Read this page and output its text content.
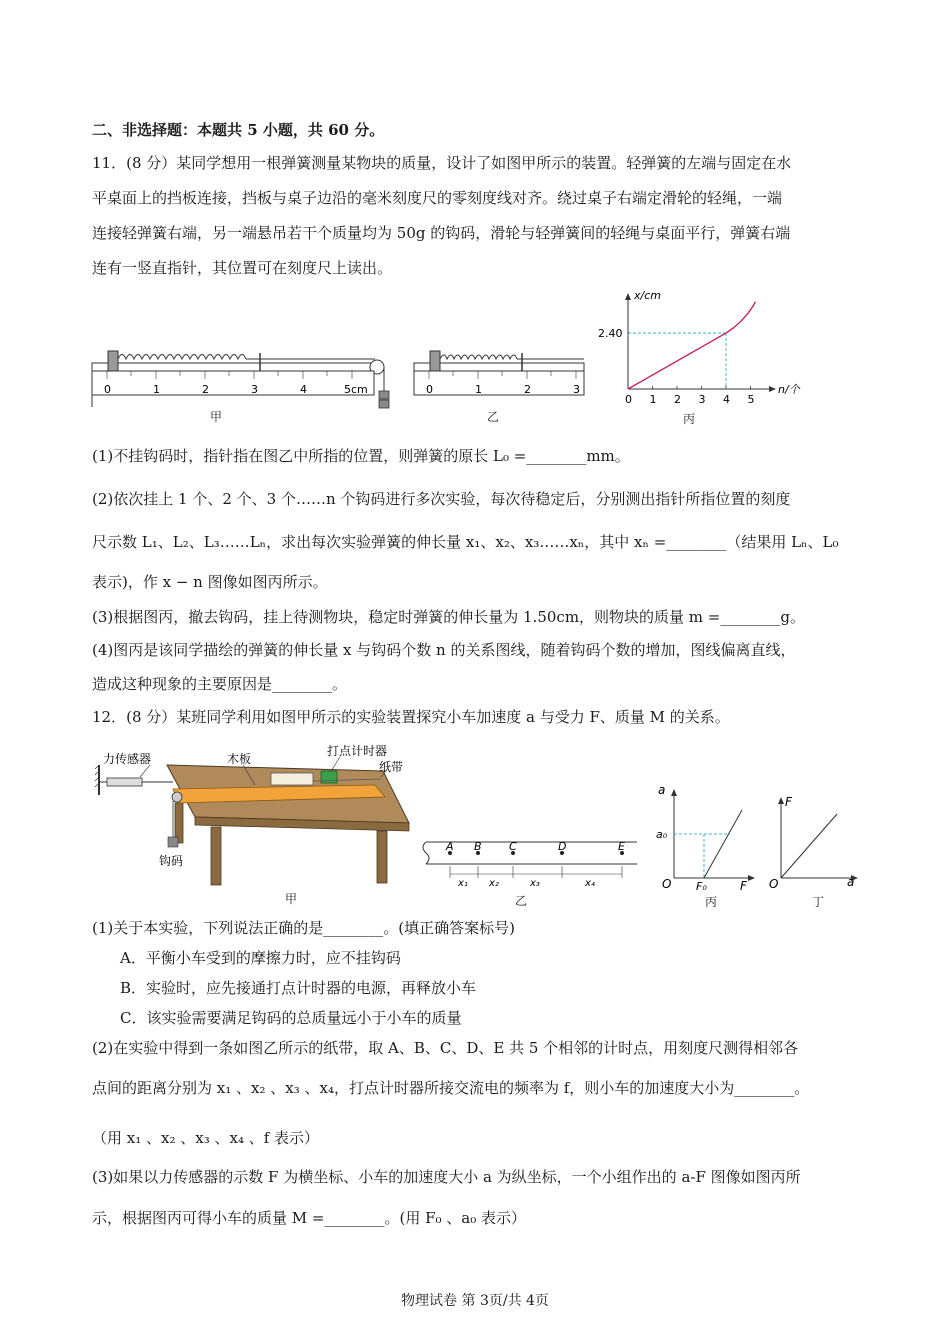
二、非选择题：本题共 5 小题，共 60 分。
11．(8 分）某同学想用一根弹簧测量某物块的质量，设计了如图甲所示的装置。轻弹簧的左端与固定在水
平桌面上的挡板连接，挡板与桌子边沿的毫米刻度尺的零刻度线对齐。绕过桌子右端定滑轮的轻绳，一端
连接轻弹簧右端，另一端悬吊若干个质量均为 50g 的钩码，滑轮与轻弹簧间的轻绳与桌面平行，弹簧右端
连有一竖直指针，其位置可在刻度尺上读出。
0	1	2	3	4	5cm
甲
0	1	2	3
乙
x/cm
n/个
0 1 2 3 4 5
2.40
丙
(1)不挂钩码时，指针指在图乙中所指的位置，则弹簧的原长 L₀ =________mm。
(2)依次挂上 1 个、2 个、3 个……n 个钩码进行多次实验，每次待稳定后，分别测出指针所指位置的刻度
尺示数 L₁、L₂、L₃……Lₙ，求出每次实验弹簧的伸长量 x₁、x₂、x₃……xₙ，其中 xₙ =________（结果用 Lₙ、L₀
表示)，作 x − n 图像如图丙所示。
(3)根据图丙，撤去钩码，挂上待测物块，稳定时弹簧的伸长量为 1.50cm，则物块的质量 m =________g。
(4)图丙是该同学描绘的弹簧的伸长量 x 与钩码个数 n 的关系图线，随着钩码个数的增加，图线偏离直线，
造成这种现象的主要原因是________。
12．(8 分）某班同学利用如图甲所示的实验装置探究小车加速度 a 与受力 F、质量 M 的关系。
力传感器	木板
打点计时器
纸带
钩码
甲
A B C	D	E
x₁ x₂	x₃	x₄
乙
a
F
O
a₀
F₀
丙
F
a
O
丁
(1)关于本实验，下列说法正确的是________。(填正确答案标号)
A．平衡小车受到的摩擦力时，应不挂钩码
B．实验时，应先接通打点计时器的电源，再释放小车
C．该实验需要满足钩码的总质量远小于小车的质量
(2)在实验中得到一条如图乙所示的纸带，取 A、B、C、D、E 共 5 个相邻的计时点，用刻度尺测得相邻各
点间的距离分别为 x₁ 、x₂ 、x₃ 、x₄，打点计时器所接交流电的频率为 f，则小车的加速度大小为________。
（用 x₁ 、x₂ 、x₃ 、x₄ 、f 表示）
(3)如果以力传感器的示数 F 为横坐标、小车的加速度大小 a 为纵坐标，一个小组作出的 a-F 图像如图丙所
示，根据图丙可得小车的质量 M =________。(用 F₀ 、a₀ 表示）
物理试卷 第 3页/共 4页
